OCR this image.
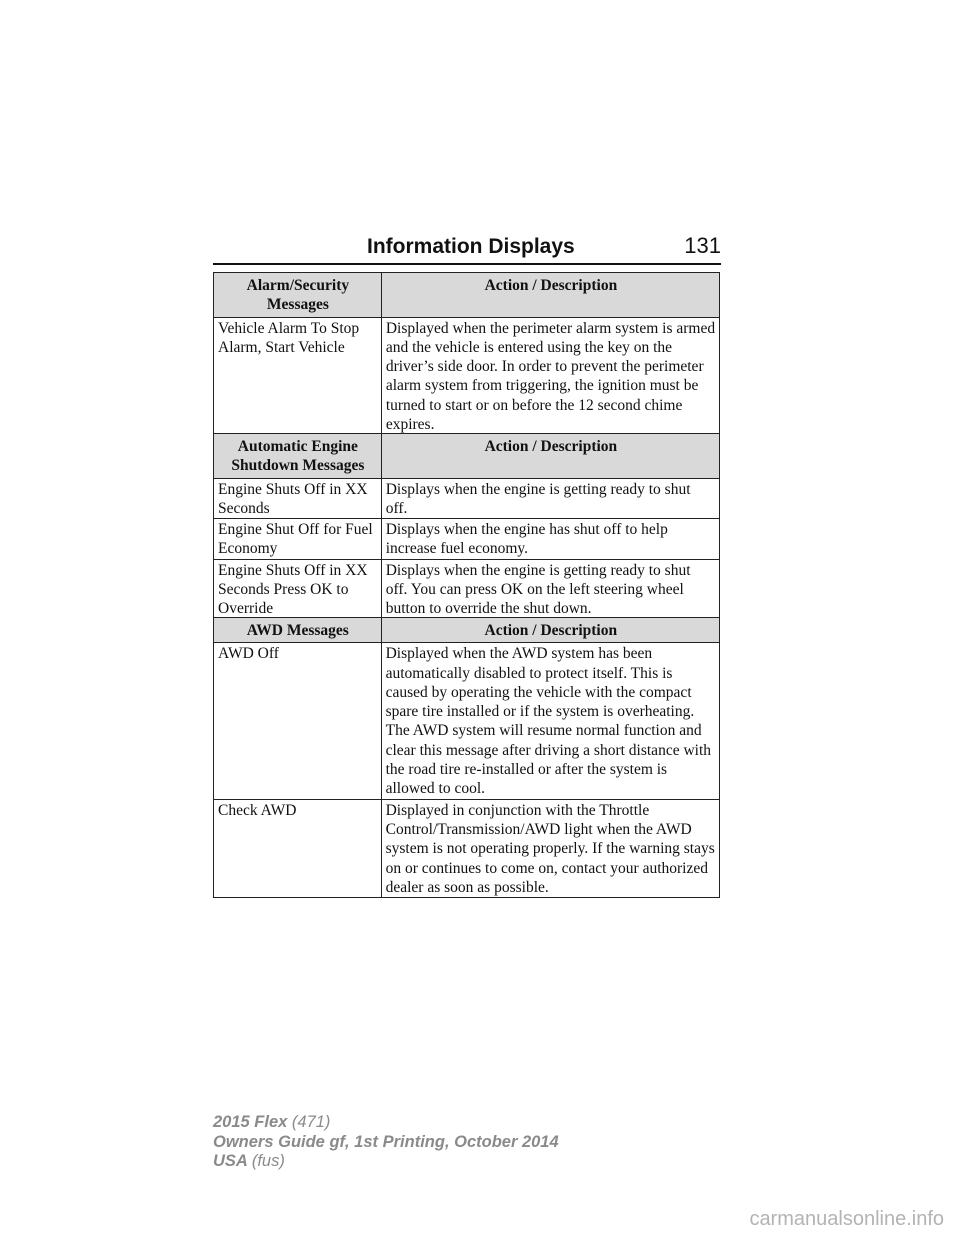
Information Displays	131
Alarm/Security Messages	Action / Description
Vehicle Alarm To Stop Alarm, Start Vehicle	Displayed when the perimeter alarm system is armed and the vehicle is entered using the key on the driver’s side door. In order to prevent the perimeter alarm system from triggering, the ignition must be turned to start or on before the 12 second chime expires.
Automatic Engine Shutdown Messages	Action / Description
Engine Shuts Off in XX Seconds	Displays when the engine is getting ready to shut off.
Engine Shut Off for Fuel Economy	Displays when the engine has shut off to help increase fuel economy.
Engine Shuts Off in XX Seconds Press OK to Override	Displays when the engine is getting ready to shut off. You can press OK on the left steering wheel button to override the shut down.
AWD Messages	Action / Description
AWD Off	Displayed when the AWD system has been automatically disabled to protect itself. This is caused by operating the vehicle with the compact spare tire installed or if the system is overheating. The AWD system will resume normal function and clear this message after driving a short distance with the road tire re-installed or after the system is allowed to cool.
Check AWD	Displayed in conjunction with the Throttle Control/Transmission/AWD light when the AWD system is not operating properly. If the warning stays on or continues to come on, contact your authorized dealer as soon as possible.
2015 Flex (471)
Owners Guide gf, 1st Printing, October 2014
USA (fus)
carmanualsonline.info
